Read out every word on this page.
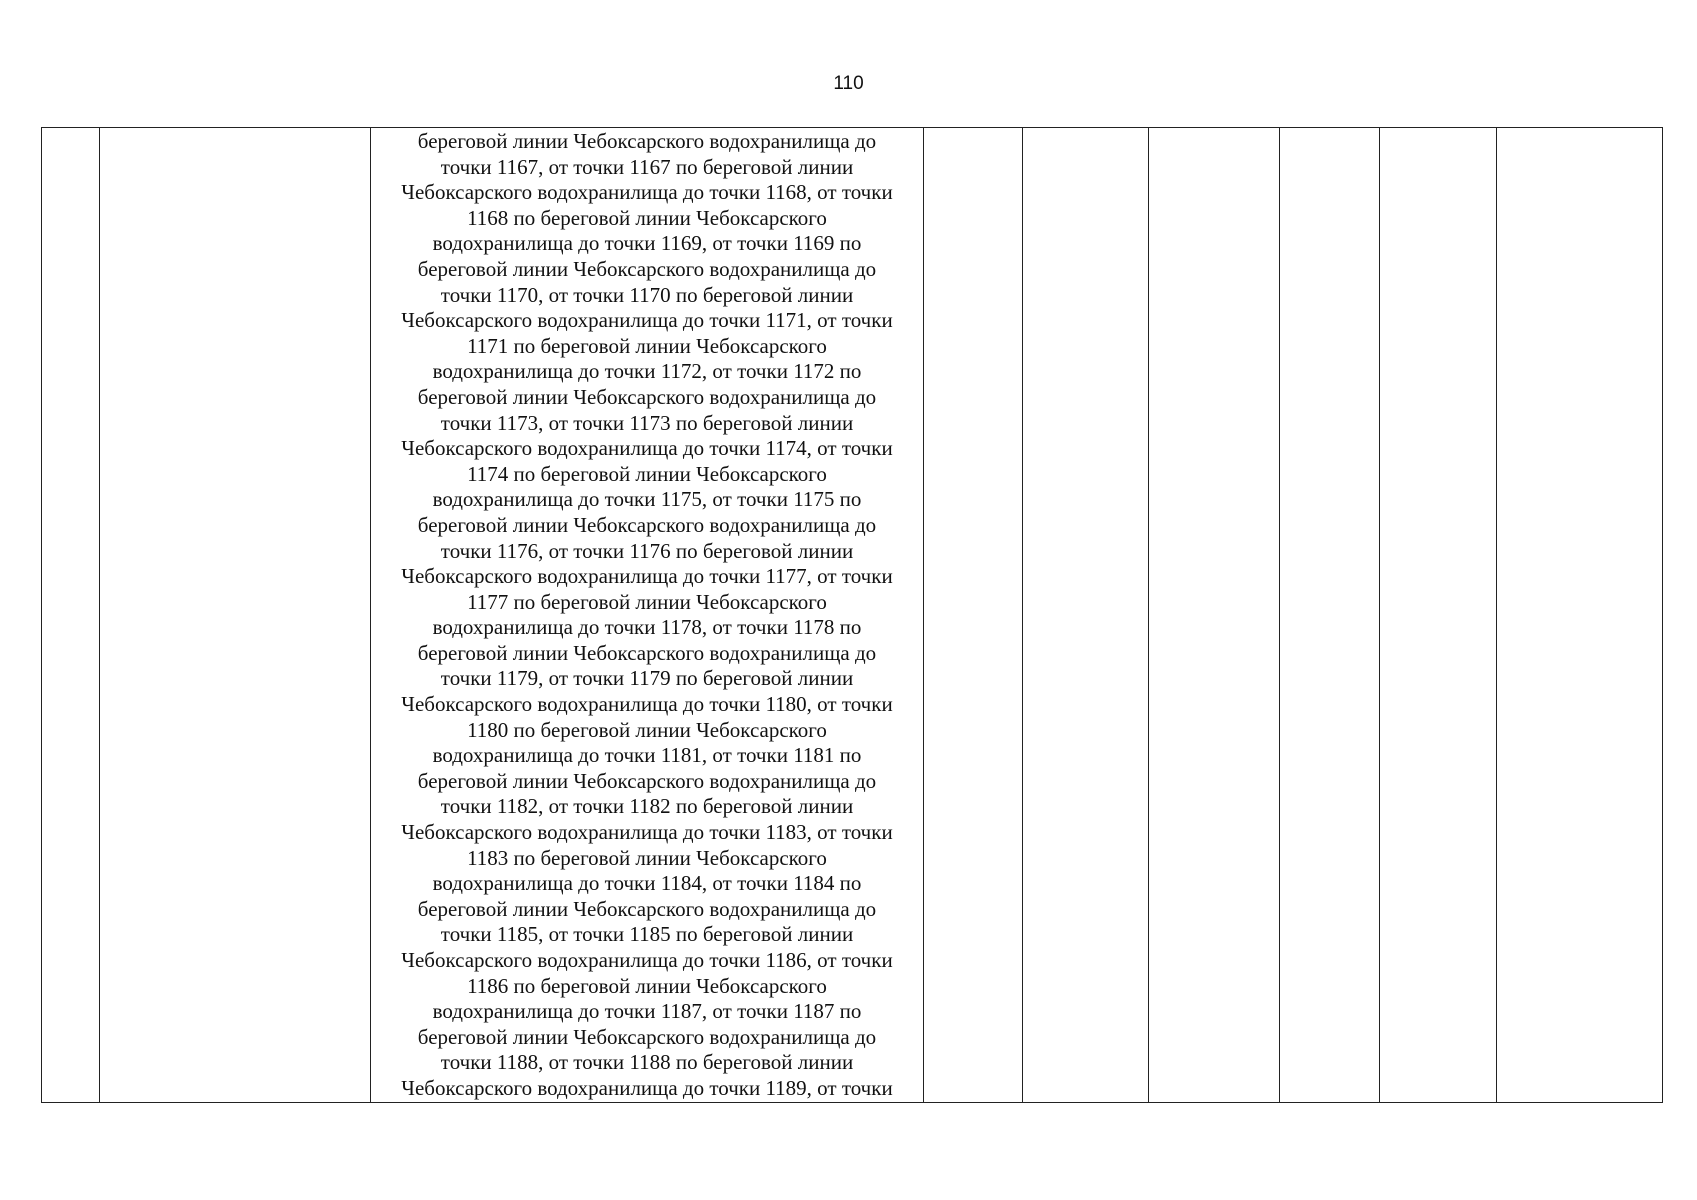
110

береговой линии Чебоксарского водохранилища до
точки 1167, от точки 1167 по береговой линии
Чебоксарского водохранилища до точки 1168, от точки
1168 по береговой линии Чебоксарского
водохранилища до точки 1169, от точки 1169 по
береговой линии Чебоксарского водохранилища до
точки 1170, от точки 1170 по береговой линии
Чебоксарского водохранилища до точки 1171, от точки
1171 по береговой линии Чебоксарского
водохранилища до точки 1172, от точки 1172 по
береговой линии Чебоксарского водохранилища до
точки 1173, от точки 1173 по береговой линии
Чебоксарского водохранилища до точки 1174, от точки
1174 по береговой линии Чебоксарского
водохранилища до точки 1175, от точки 1175 по
береговой линии Чебоксарского водохранилища до
точки 1176, от точки 1176 по береговой линии
Чебоксарского водохранилища до точки 1177, от точки
1177 по береговой линии Чебоксарского
водохранилища до точки 1178, от точки 1178 по
береговой линии Чебоксарского водохранилища до
точки 1179, от точки 1179 по береговой линии
Чебоксарского водохранилища до точки 1180, от точки
1180 по береговой линии Чебоксарского
водохранилища до точки 1181, от точки 1181 по
береговой линии Чебоксарского водохранилища до
точки 1182, от точки 1182 по береговой линии
Чебоксарского водохранилища до точки 1183, от точки
1183 по береговой линии Чебоксарского
водохранилища до точки 1184, от точки 1184 по
береговой линии Чебоксарского водохранилища до
точки 1185, от точки 1185 по береговой линии
Чебоксарского водохранилища до точки 1186, от точки
1186 по береговой линии Чебоксарского
водохранилища до точки 1187, от точки 1187 по
береговой линии Чебоксарского водохранилища до
точки 1188, от точки 1188 по береговой линии
Чебоксарского водохранилища до точки 1189, от точки
